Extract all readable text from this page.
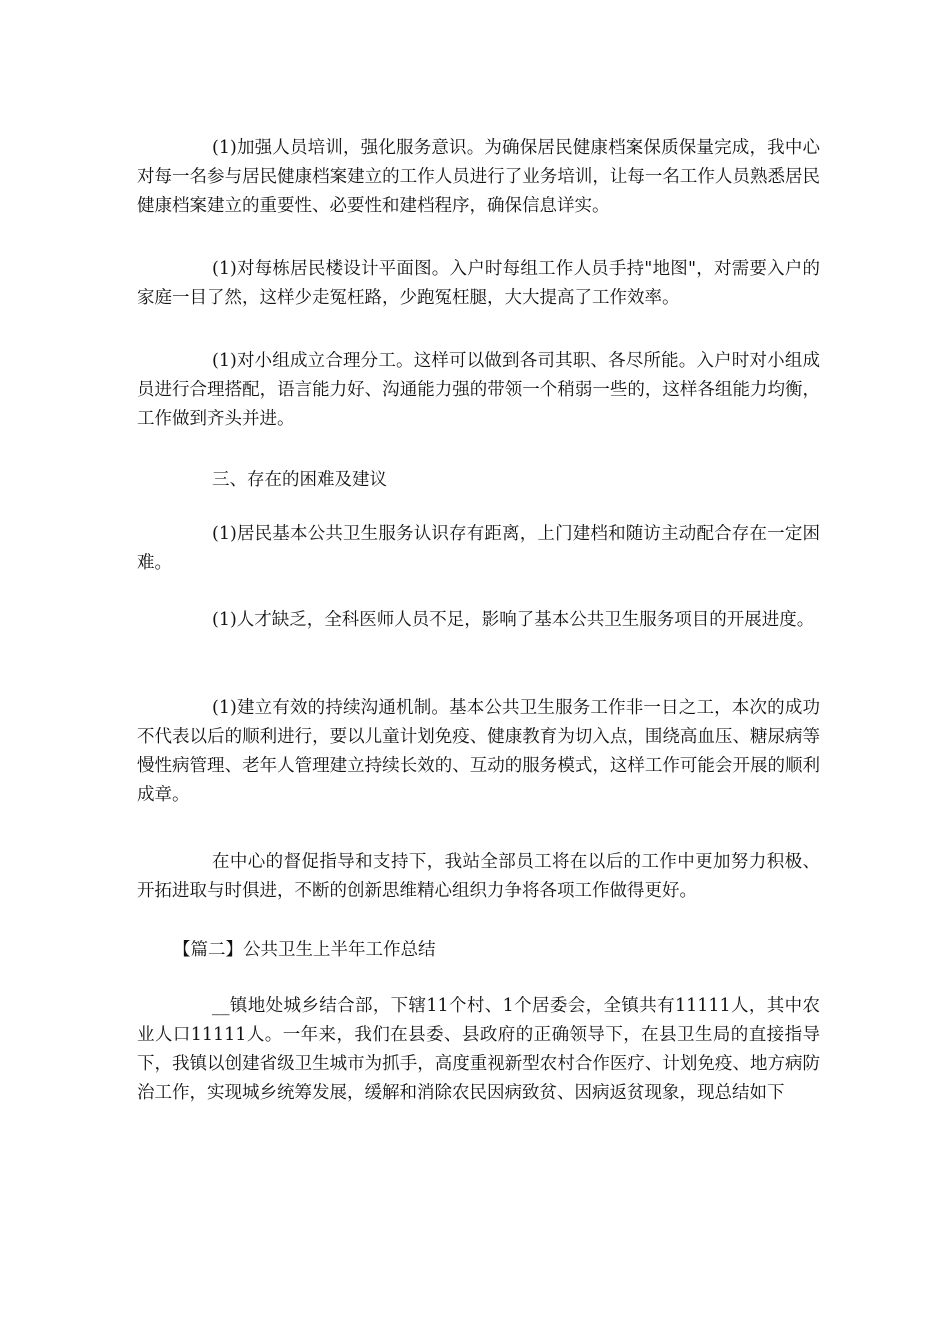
(1)加强人员培训，强化服务意识。为确保居民健康档案保质保量完成，我中心对每一名参与居民健康档案建立的工作人员进行了业务培训，让每一名工作人员熟悉居民健康档案建立的重要性、必要性和建档程序，确保信息详实。

(1)对每栋居民楼设计平面图。入户时每组工作人员手持"地图"，对需要入户的家庭一目了然，这样少走冤枉路，少跑冤枉腿，大大提高了工作效率。

(1)对小组成立合理分工。这样可以做到各司其职、各尽所能。入户时对小组成员进行合理搭配，语言能力好、沟通能力强的带领一个稍弱一些的，这样各组能力均衡，工作做到齐头并进。

三、存在的困难及建议

(1)居民基本公共卫生服务认识存有距离，上门建档和随访主动配合存在一定困难。

(1)人才缺乏，全科医师人员不足，影响了基本公共卫生服务项目的开展进度。

(1)建立有效的持续沟通机制。基本公共卫生服务工作非一日之工，本次的成功不代表以后的顺利进行，要以儿童计划免疫、健康教育为切入点，围绕高血压、糖尿病等慢性病管理、老年人管理建立持续长效的、互动的服务模式，这样工作可能会开展的顺利成章。

在中心的督促指导和支持下，我站全部员工将在以后的工作中更加努力积极、开拓进取与时俱进，不断的创新思维精心组织力争将各项工作做得更好。

【篇二】公共卫生上半年工作总结

__镇地处城乡结合部，下辖11个村、1个居委会，全镇共有11111人，其中农业人口11111人。一年来，我们在县委、县政府的正确领导下，在县卫生局的直接指导下，我镇以创建省级卫生城市为抓手，高度重视新型农村合作医疗、计划免疫、地方病防治工作，实现城乡统筹发展，缓解和消除农民因病致贫、因病返贫现象，现总结如下
